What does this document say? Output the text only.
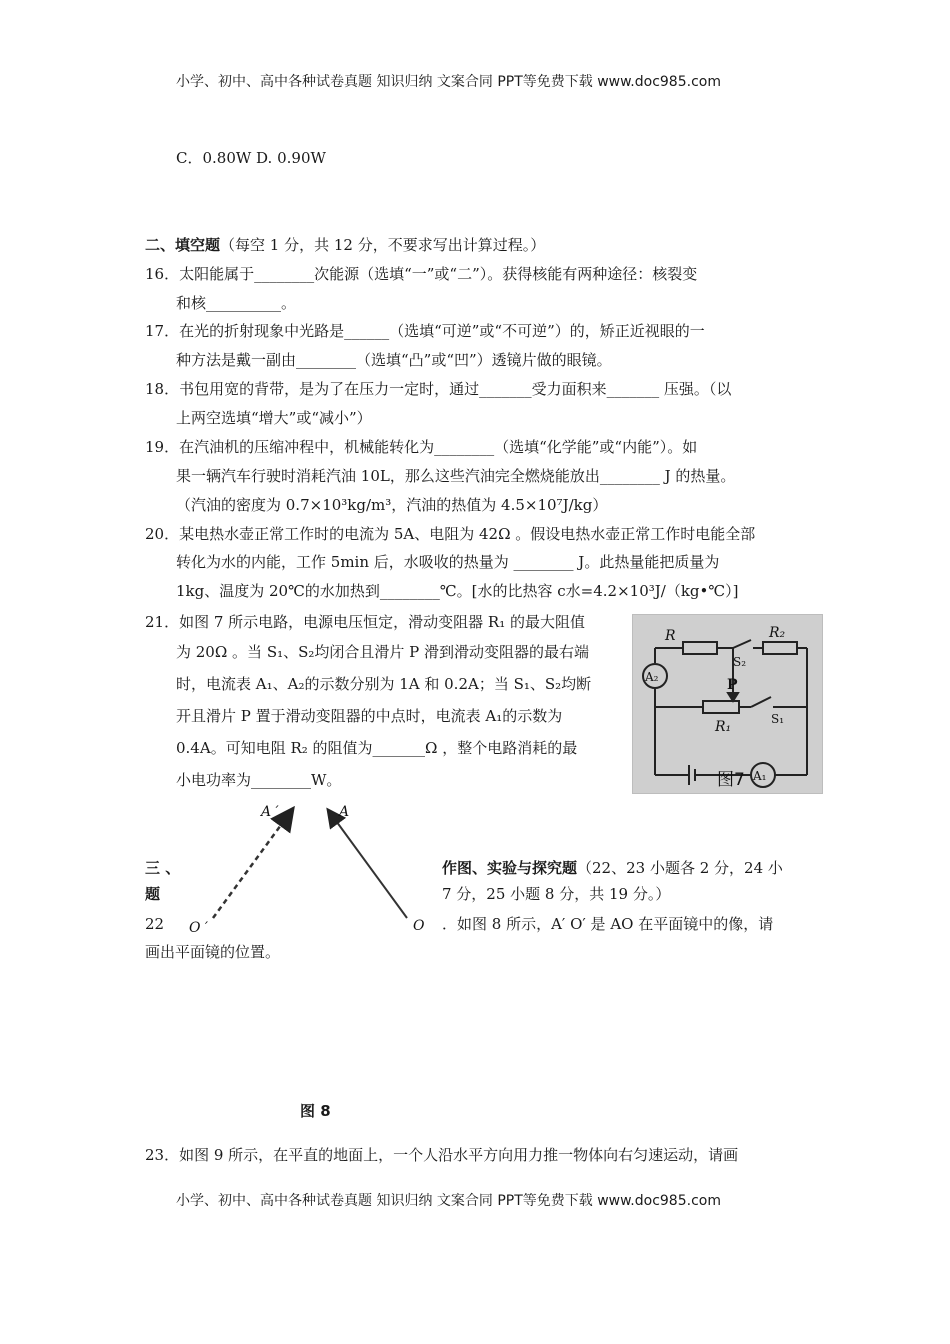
小学、初中、高中各种试卷真题 知识归纳 文案合同 PPT等免费下载 www.doc985.com
C．0.80W D. 0.90W
二、填空题（每空 1 分，共 12 分，不要求写出计算过程。）
16．太阳能属于________次能源（选填“一”或“二”）。获得核能有两种途径：核裂变
和核__________。
17．在光的折射现象中光路是______（选填“可逆”或“不可逆”）的，矫正近视眼的一
种方法是戴一副由________（选填“凸”或“凹”）透镜片做的眼镜。
18．书包用宽的背带，是为了在压力一定时，通过_______受力面积来_______ 压强。（以
上两空选填“增大”或“减小”）
19．在汽油机的压缩冲程中，机械能转化为________（选填“化学能”或“内能”）。如
果一辆汽车行驶时消耗汽油 10L，那么这些汽油完全燃烧能放出________ J 的热量。
（汽油的密度为 0.7×10³kg/m³，汽油的热值为 4.5×10⁷J/kg）
20．某电热水壶正常工作时的电流为 5A、电阻为 42Ω 。假设电热水壶正常工作时电能全部
转化为水的内能，工作 5min 后，水吸收的热量为 ________ J。此热量能把质量为
1kg、温度为 20℃的水加热到________℃。[水的比热容 c水=4.2×10³J/（kg•℃）]
21．如图 7 所示电路，电源电压恒定，滑动变阻器 R₁ 的最大阻值
为 20Ω 。当 S₁、S₂均闭合且滑片 P 滑到滑动变阻器的最右端
时，电流表 A₁、A₂的示数分别为 1A 和 0.2A；当 S₁、S₂均断
开且滑片 P 置于滑动变阻器的中点时，电流表 A₁的示数为
0.4A。可知电阻 R₂ 的阻值为_______Ω ，整个电路消耗的最
小电功率为________W。
R	R₂
S₂
A₂	P
R₁	S₁
A₁
图7
A ′	A
O ′	O
三 、
题
作图、实验与探究题（22、23 小题各 2 分，24 小
7 分，25 小题 8 分，共 19 分。）
22	．如图 8 所示，A′ O′ 是 AO 在平面镜中的像，请
画出平面镜的位置。
图 8
23．如图 9 所示，在平直的地面上，一个人沿水平方向用力推一物体向右匀速运动，请画
小学、初中、高中各种试卷真题 知识归纳 文案合同 PPT等免费下载 www.doc985.com
